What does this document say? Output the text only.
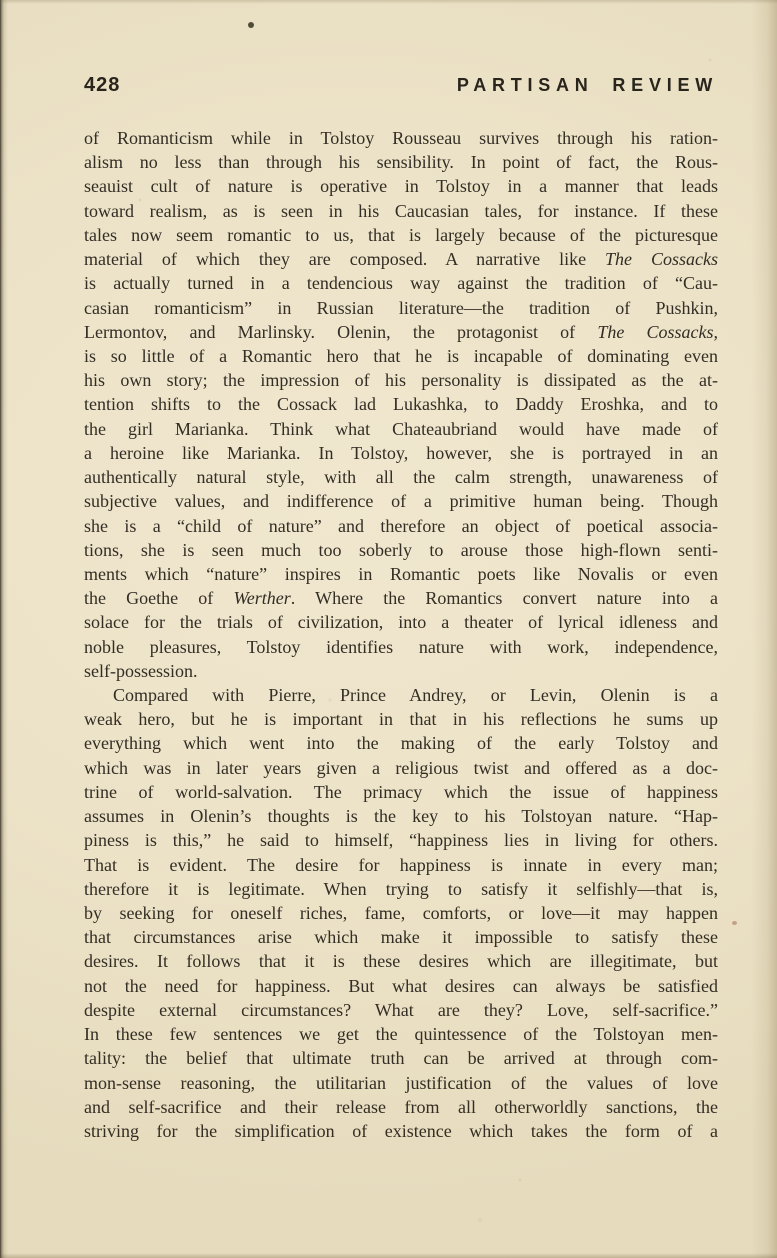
428	PARTISAN REVIEW
of Romanticism while in Tolstoy Rousseau survives through his ration-
alism no less than through his sensibility. In point of fact, the Rous-
seauist cult of nature is operative in Tolstoy in a manner that leads
toward realism, as is seen in his Caucasian tales, for instance. If these
tales now seem romantic to us, that is largely because of the picturesque
material of which they are composed. A narrative like The Cossacks
is actually turned in a tendencious way against the tradition of “Cau-
casian romanticism” in Russian literature—the tradition of Pushkin,
Lermontov, and Marlinsky. Olenin, the protagonist of The Cossacks,
is so little of a Romantic hero that he is incapable of dominating even
his own story; the impression of his personality is dissipated as the at-
tention shifts to the Cossack lad Lukashka, to Daddy Eroshka, and to
the girl Marianka. Think what Chateaubriand would have made of
a heroine like Marianka. In Tolstoy, however, she is portrayed in an
authentically natural style, with all the calm strength, unawareness of
subjective values, and indifference of a primitive human being. Though
she is a “child of nature” and therefore an object of poetical associa-
tions, she is seen much too soberly to arouse those high-flown senti-
ments which “nature” inspires in Romantic poets like Novalis or even
the Goethe of Werther. Where the Romantics convert nature into a
solace for the trials of civilization, into a theater of lyrical idleness and
noble pleasures, Tolstoy identifies nature with work, independence,
self-possession.
Compared with Pierre, Prince Andrey, or Levin, Olenin is a
weak hero, but he is important in that in his reflections he sums up
everything which went into the making of the early Tolstoy and
which was in later years given a religious twist and offered as a doc-
trine of world-salvation. The primacy which the issue of happiness
assumes in Olenin’s thoughts is the key to his Tolstoyan nature. “Hap-
piness is this,” he said to himself, “happiness lies in living for others.
That is evident. The desire for happiness is innate in every man;
therefore it is legitimate. When trying to satisfy it selfishly—that is,
by seeking for oneself riches, fame, comforts, or love—it may happen
that circumstances arise which make it impossible to satisfy these
desires. It follows that it is these desires which are illegitimate, but
not the need for happiness. But what desires can always be satisfied
despite external circumstances? What are they? Love, self-sacrifice.”
In these few sentences we get the quintessence of the Tolstoyan men-
tality: the belief that ultimate truth can be arrived at through com-
mon-sense reasoning, the utilitarian justification of the values of love
and self-sacrifice and their release from all otherworldly sanctions, the
striving for the simplification of existence which takes the form of a
